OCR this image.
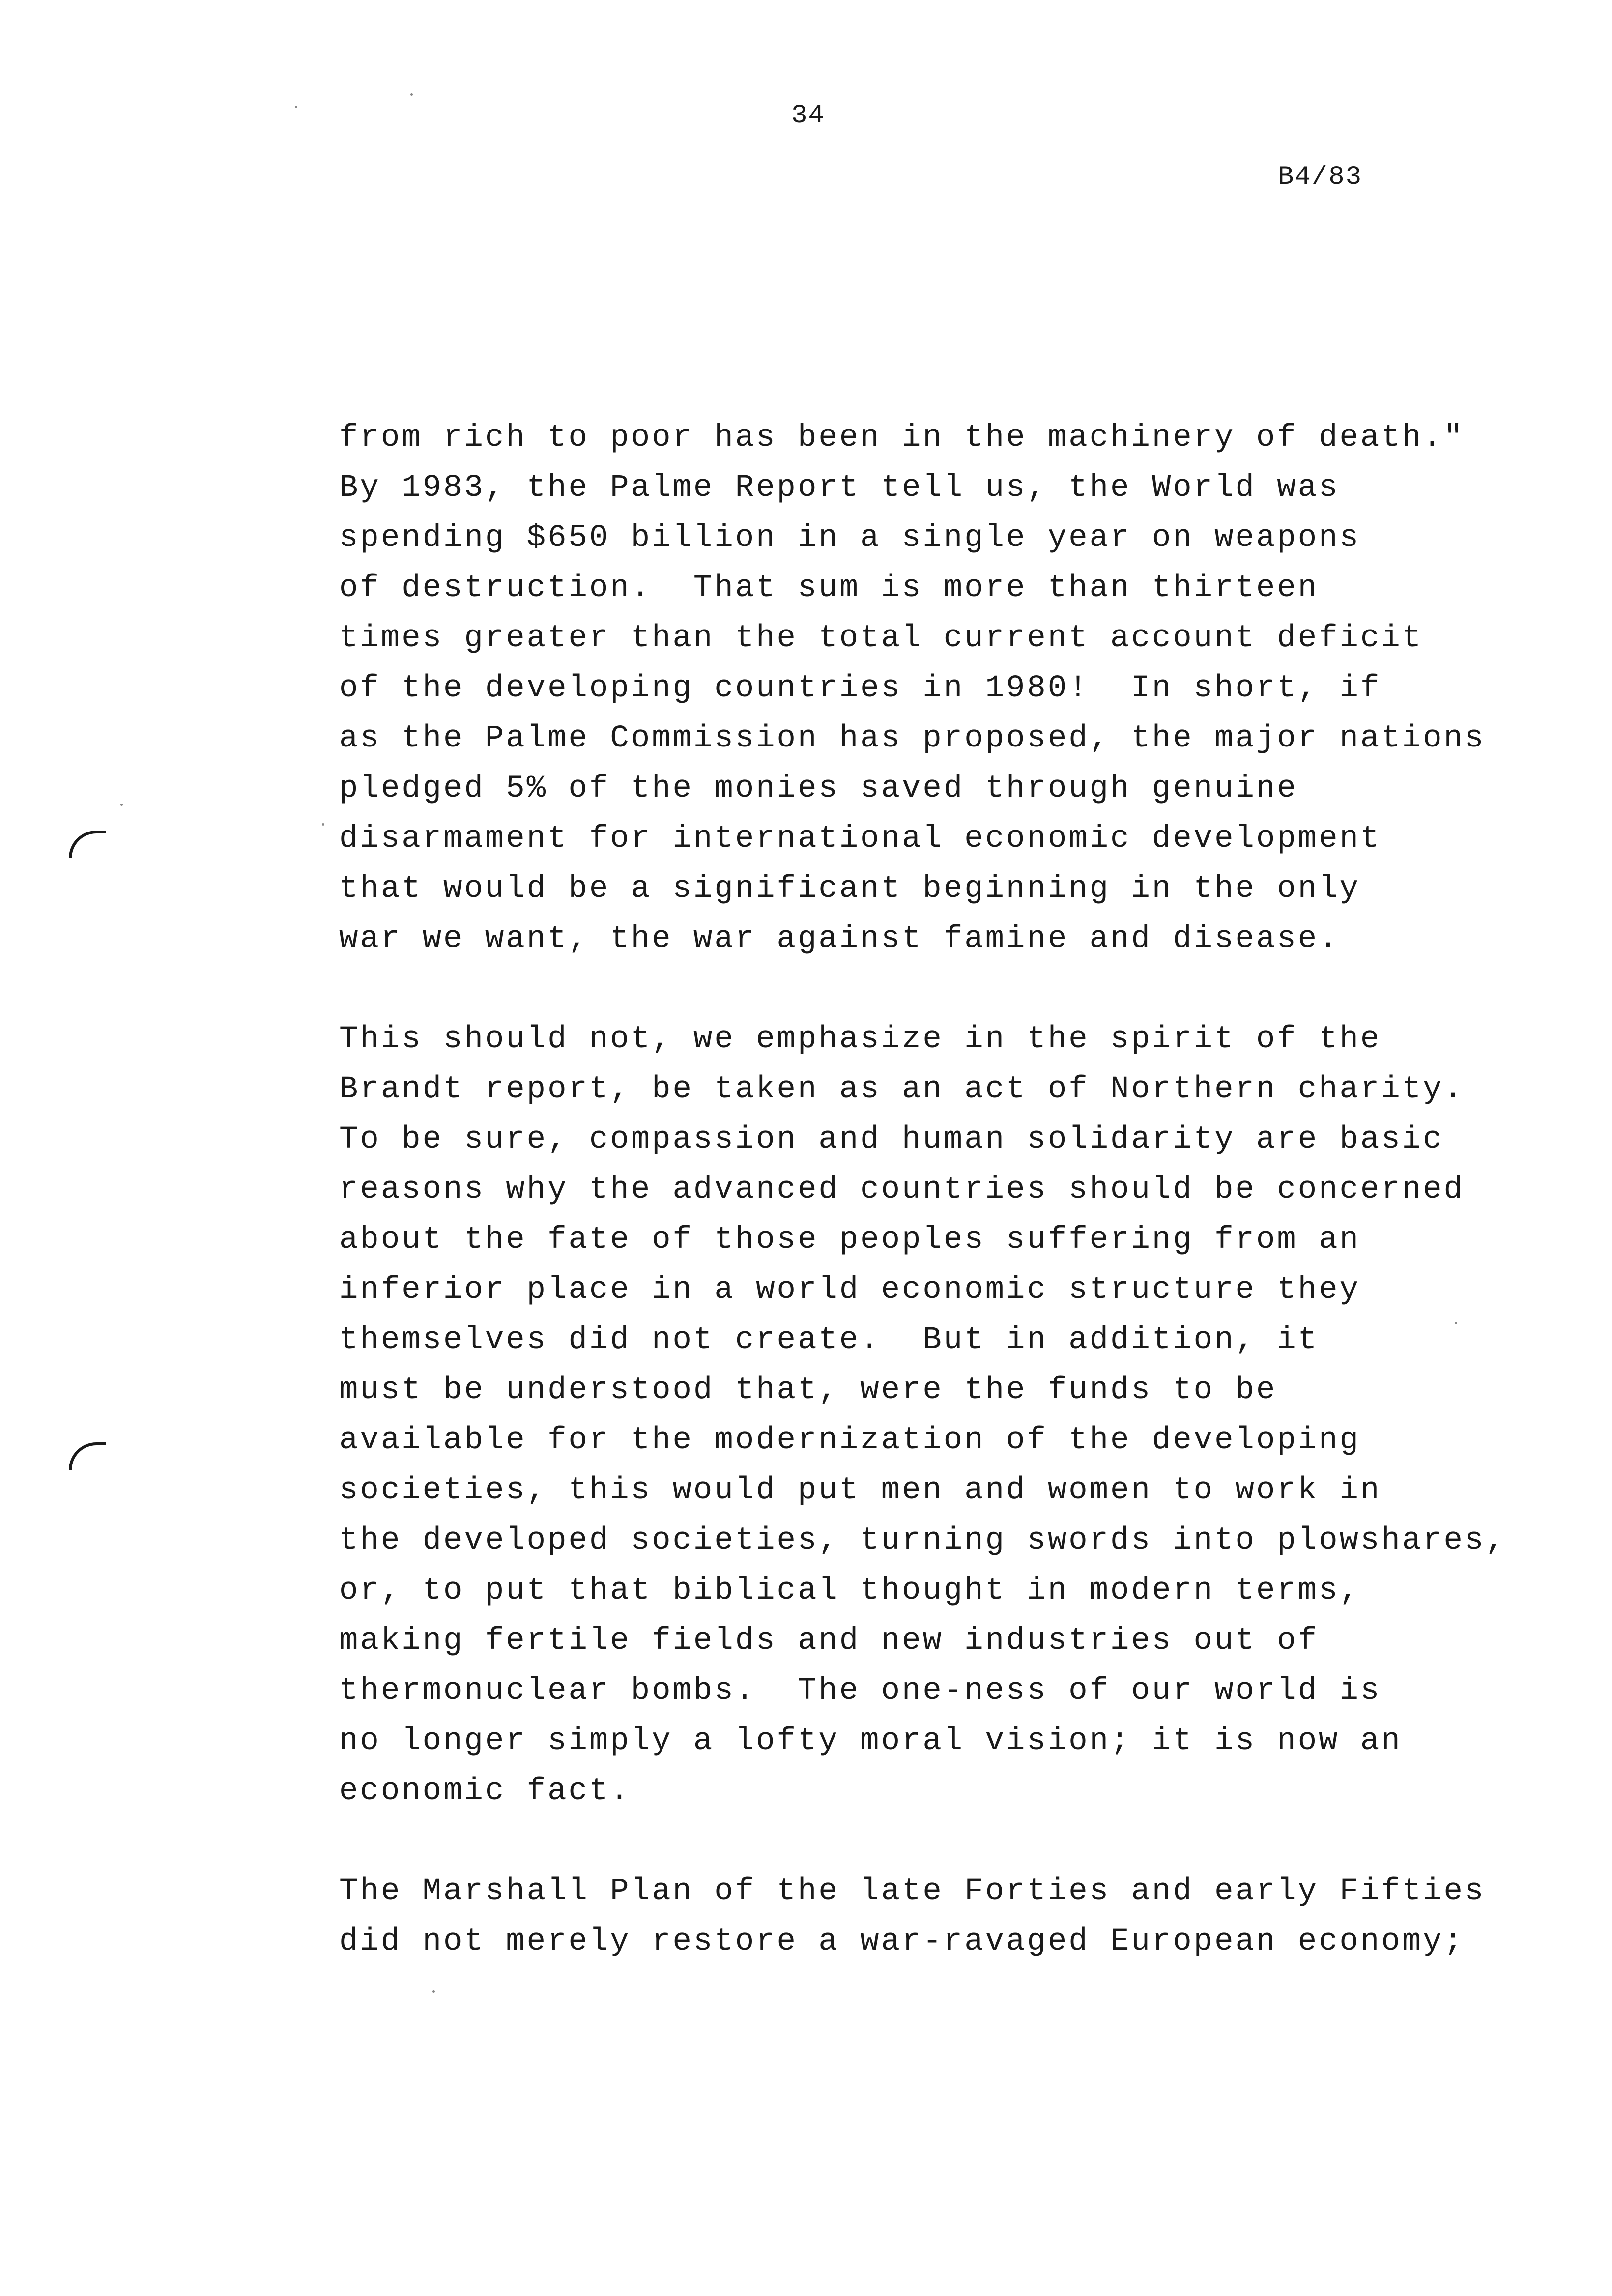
34
B4/83

from rich to poor has been in the machinery of death."
By 1983, the Palme Report tell us, the World was
spending $650 billion in a single year on weapons
of destruction.  That sum is more than thirteen
times greater than the total current account deficit
of the developing countries in 1980!  In short, if
as the Palme Commission has proposed, the major nations
pledged 5% of the monies saved through genuine
disarmament for international economic development
that would be a significant beginning in the only
war we want, the war against famine and disease.

This should not, we emphasize in the spirit of the
Brandt report, be taken as an act of Northern charity.
To be sure, compassion and human solidarity are basic
reasons why the advanced countries should be concerned
about the fate of those peoples suffering from an
inferior place in a world economic structure they
themselves did not create.  But in addition, it
must be understood that, were the funds to be
available for the modernization of the developing
societies, this would put men and women to work in
the developed societies, turning swords into plowshares,
or, to put that biblical thought in modern terms,
making fertile fields and new industries out of
thermonuclear bombs.  The one-ness of our world is
no longer simply a lofty moral vision; it is now an
economic fact.

The Marshall Plan of the late Forties and early Fifties
did not merely restore a war-ravaged European economy;
